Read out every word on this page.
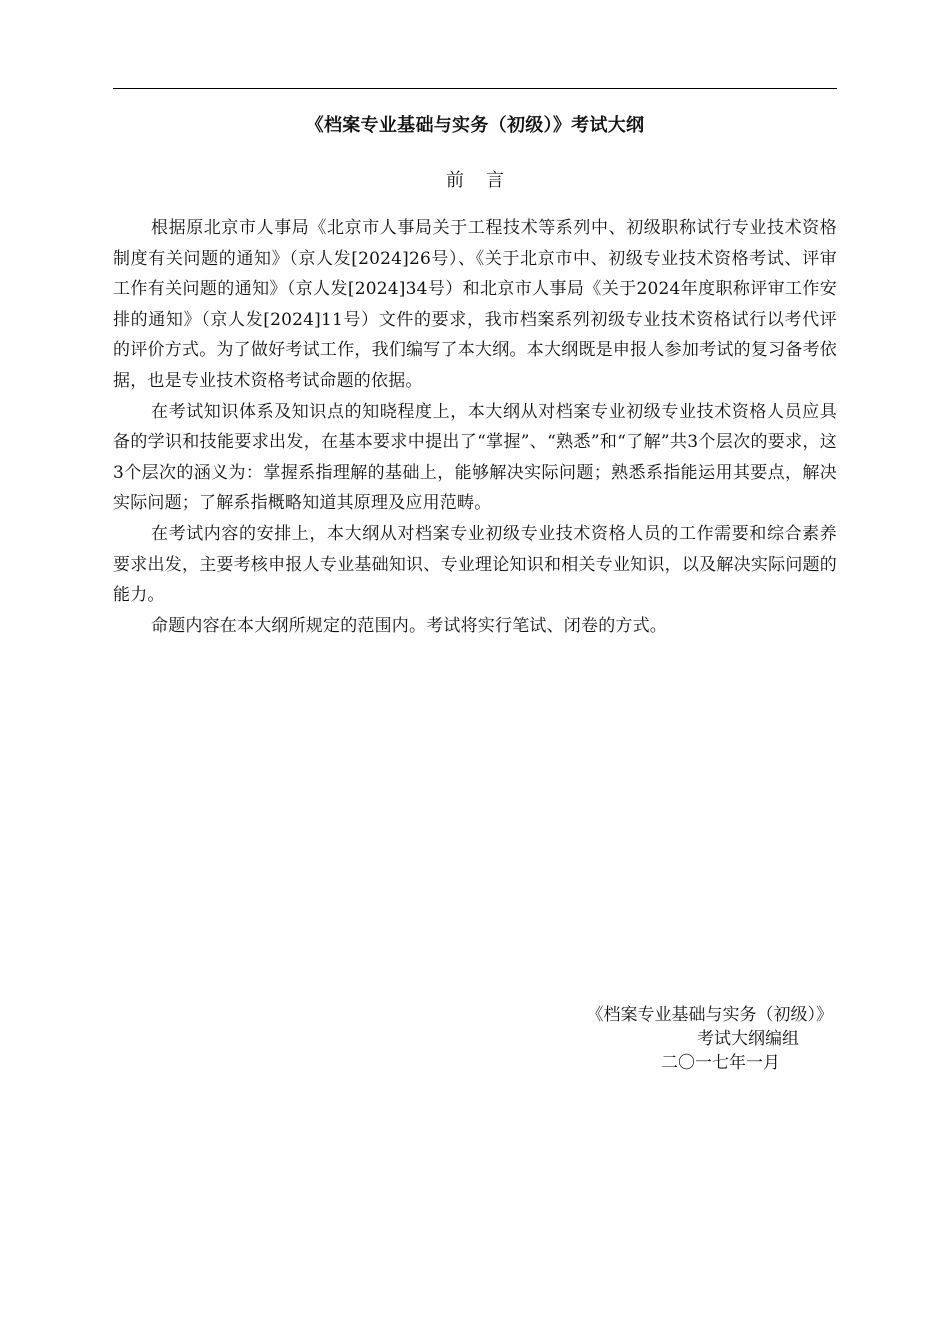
《档案专业基础与实务（初级）》考试大纲
前 言

根据原北京市人事局《北京市人事局关于工程技术等系列中、初级职称试行专业技术资格制度有关问题的通知》（京人发[2024]26号）、《关于北京市中、初级专业技术资格考试、评审工作有关问题的通知》（京人发[2024]34号）和北京市人事局《关于2024年度职称评审工作安排的通知》（京人发[2024]11号）文件的要求，我市档案系列初级专业技术资格试行以考代评的评价方式。为了做好考试工作，我们编写了本大纲。本大纲既是申报人参加考试的复习备考依据，也是专业技术资格考试命题的依据。

在考试知识体系及知识点的知晓程度上，本大纲从对档案专业初级专业技术资格人员应具备的学识和技能要求出发，在基本要求中提出了“掌握”、“熟悉”和“了解”共3个层次的要求，这3个层次的涵义为：掌握系指理解的基础上，能够解决实际问题；熟悉系指能运用其要点，解决实际问题；了解系指概略知道其原理及应用范畴。

在考试内容的安排上，本大纲从对档案专业初级专业技术资格人员的工作需要和综合素养要求出发，主要考核申报人专业基础知识、专业理论知识和相关专业知识，以及解决实际问题的能力。

命题内容在本大纲所规定的范围内。考试将实行笔试、闭卷的方式。

《档案专业基础与实务（初级）》
考试大纲编组
二〇一七年一月
